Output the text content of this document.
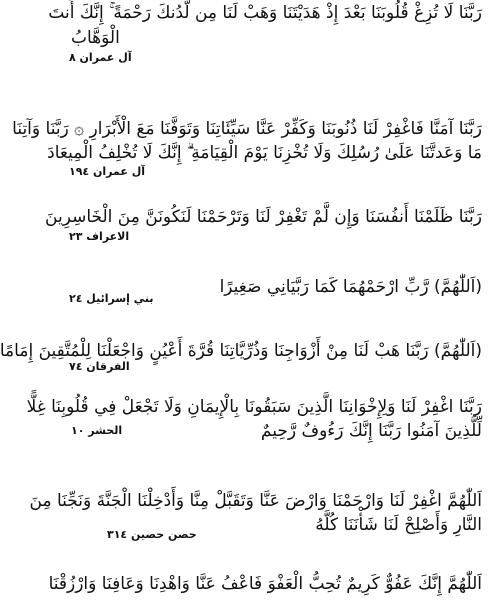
رَبَّنَا لَا تُزِغْ قُلُوبَنَا بَعْدَ إِذْ هَدَيْتَنَا وَهَبْ لَنَا مِن لَّدُنكَ رَحْمَةً ۚ إِنَّكَ أَنتَ
الْوَهَّابُ
آل عمران ٨
رَبَّنَا آمَنَّا فَاغْفِرْ لَنَا ذُنُوبَنَا وَكَفِّرْ عَنَّا سَيِّئَاتِنَا وَتَوَفَّنَا مَعَ الْأَبْرَارِ ۞ رَبَّنَا وَآتِنَا
مَا وَعَدتَّنَا عَلَىٰ رُسُلِكَ وَلَا تُخْزِنَا يَوْمَ الْقِيَامَةِ ۗ إِنَّكَ لَا تُخْلِفُ الْمِيعَادَ
آل عمران ١٩٤
رَبَّنَا ظَلَمْنَا أَنفُسَنَا وَإِن لَّمْ تَغْفِرْ لَنَا وَتَرْحَمْنَا لَنَكُونَنَّ مِنَ الْخَاسِرِينَ
الاعراف ٢٣
(اَللّٰهُمَّ) رَّبِّ ارْحَمْهُمَا كَمَا رَبَّيَانِي صَغِيرًا
بني إسرائيل ٢٤
(اَللّٰهُمَّ) رَبَّنَا هَبْ لَنَا مِنْ أَزْوَاجِنَا وَذُرِّيَّاتِنَا قُرَّةَ أَعْيُنٍ وَاجْعَلْنَا لِلْمُتَّقِينَ إِمَامًا
الفرقان ٧٤
رَبَّنَا اغْفِرْ لَنَا وَلِإِخْوَانِنَا الَّذِينَ سَبَقُونَا بِالْإِيمَانِ وَلَا تَجْعَلْ فِي قُلُوبِنَا غِلًّا
لِّلَّذِينَ آمَنُوا رَبَّنَا إِنَّكَ رَءُوفٌ رَّحِيمٌ
الحشر ١٠
اَللّٰهُمَّ اغْفِرْ لَنَا وَارْحَمْنَا وَارْضَ عَنَّا وَتَقَبَّلْ مِنَّا وَأَدْخِلْنَا الْجَنَّةَ وَنَجِّنَا مِنَ
النَّارِ وَأَصْلِحْ لَنَا شَأْنَنَا كُلَّهُ
حصن حصين ٣١٤
اَللّٰهُمَّ إِنَّكَ عَفُوٌّ كَرِيمٌ تُحِبُّ الْعَفْوَ فَاعْفُ عَنَّا وَاهْدِنَا وَعَافِنَا وَارْزُقْنَا
